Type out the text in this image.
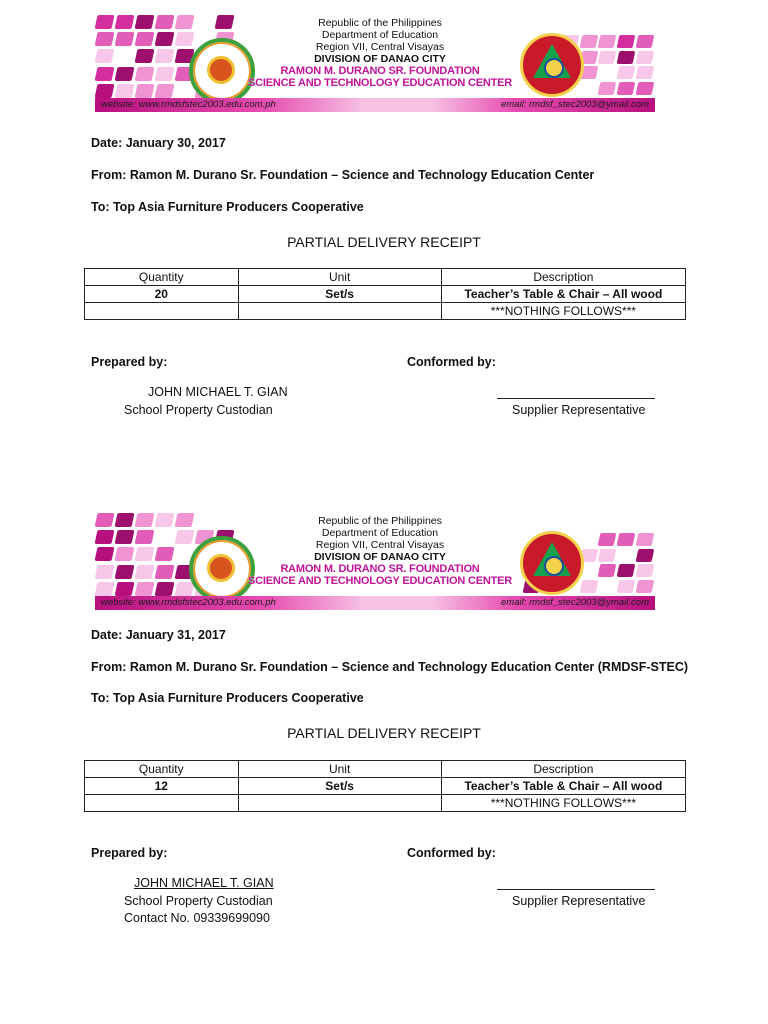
Republic of the Philippines
Department of Education
Region VII, Central Visayas
DIVISION OF DANAO CITY
RAMON M. DURANO SR. FOUNDATION
SCIENCE AND TECHNOLOGY EDUCATION CENTER
website: www.rmdsfstec2003.edu.com.ph	email: rmdsf_stec2003@ymail.com
Date: January 30, 2017
From: Ramon M. Durano Sr. Foundation – Science and Technology Education Center
To: Top Asia Furniture Producers Cooperative
PARTIAL DELIVERY RECEIPT
Quantity	Unit	Description
20	Set/s	Teacher’s Table & Chair – All wood
		***NOTHING FOLLOWS***
Prepared by:	Conformed by:
JOHN MICHAEL T. GIAN
School Property Custodian	Supplier Representative
Republic of the Philippines
Department of Education
Region VII, Central Visayas
DIVISION OF DANAO CITY
RAMON M. DURANO SR. FOUNDATION
SCIENCE AND TECHNOLOGY EDUCATION CENTER
website: www.rmdsfstec2003.edu.com.ph	email: rmdsf_stec2003@ymail.com
Date: January 31, 2017
From: Ramon M. Durano Sr. Foundation – Science and Technology Education Center (RMDSF-STEC)
To: Top Asia Furniture Producers Cooperative
PARTIAL DELIVERY RECEIPT
Quantity	Unit	Description
12	Set/s	Teacher’s Table & Chair – All wood
		***NOTHING FOLLOWS***
Prepared by:	Conformed by:
JOHN MICHAEL T. GIAN
School Property Custodian
Contact No. 09339699090
Supplier Representative
